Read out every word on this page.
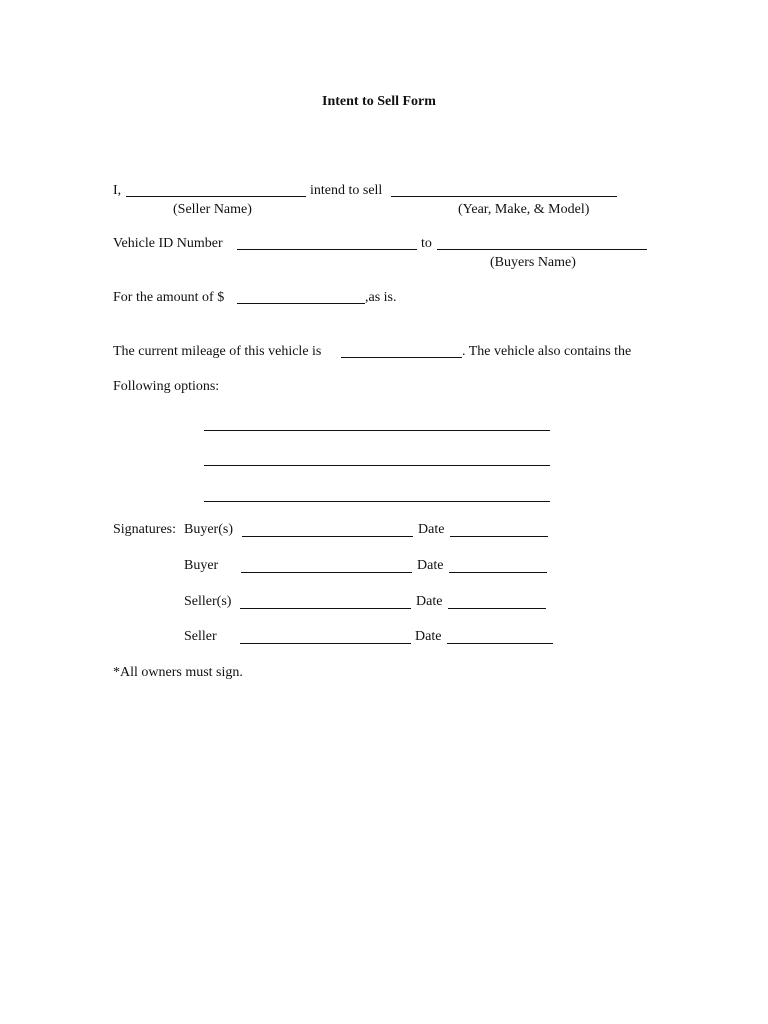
Intent to Sell Form
I,	intend to sell
(Seller Name)	(Year, Make, & Model)
Vehicle ID Number	to
(Buyers Name)
For the amount of $	,as is.
The current mileage of this vehicle is	. The vehicle also contains the
Following options:
Signatures: Buyer(s)	Date
Buyer	Date
Seller(s)	Date
Seller	Date
*All owners must sign.
